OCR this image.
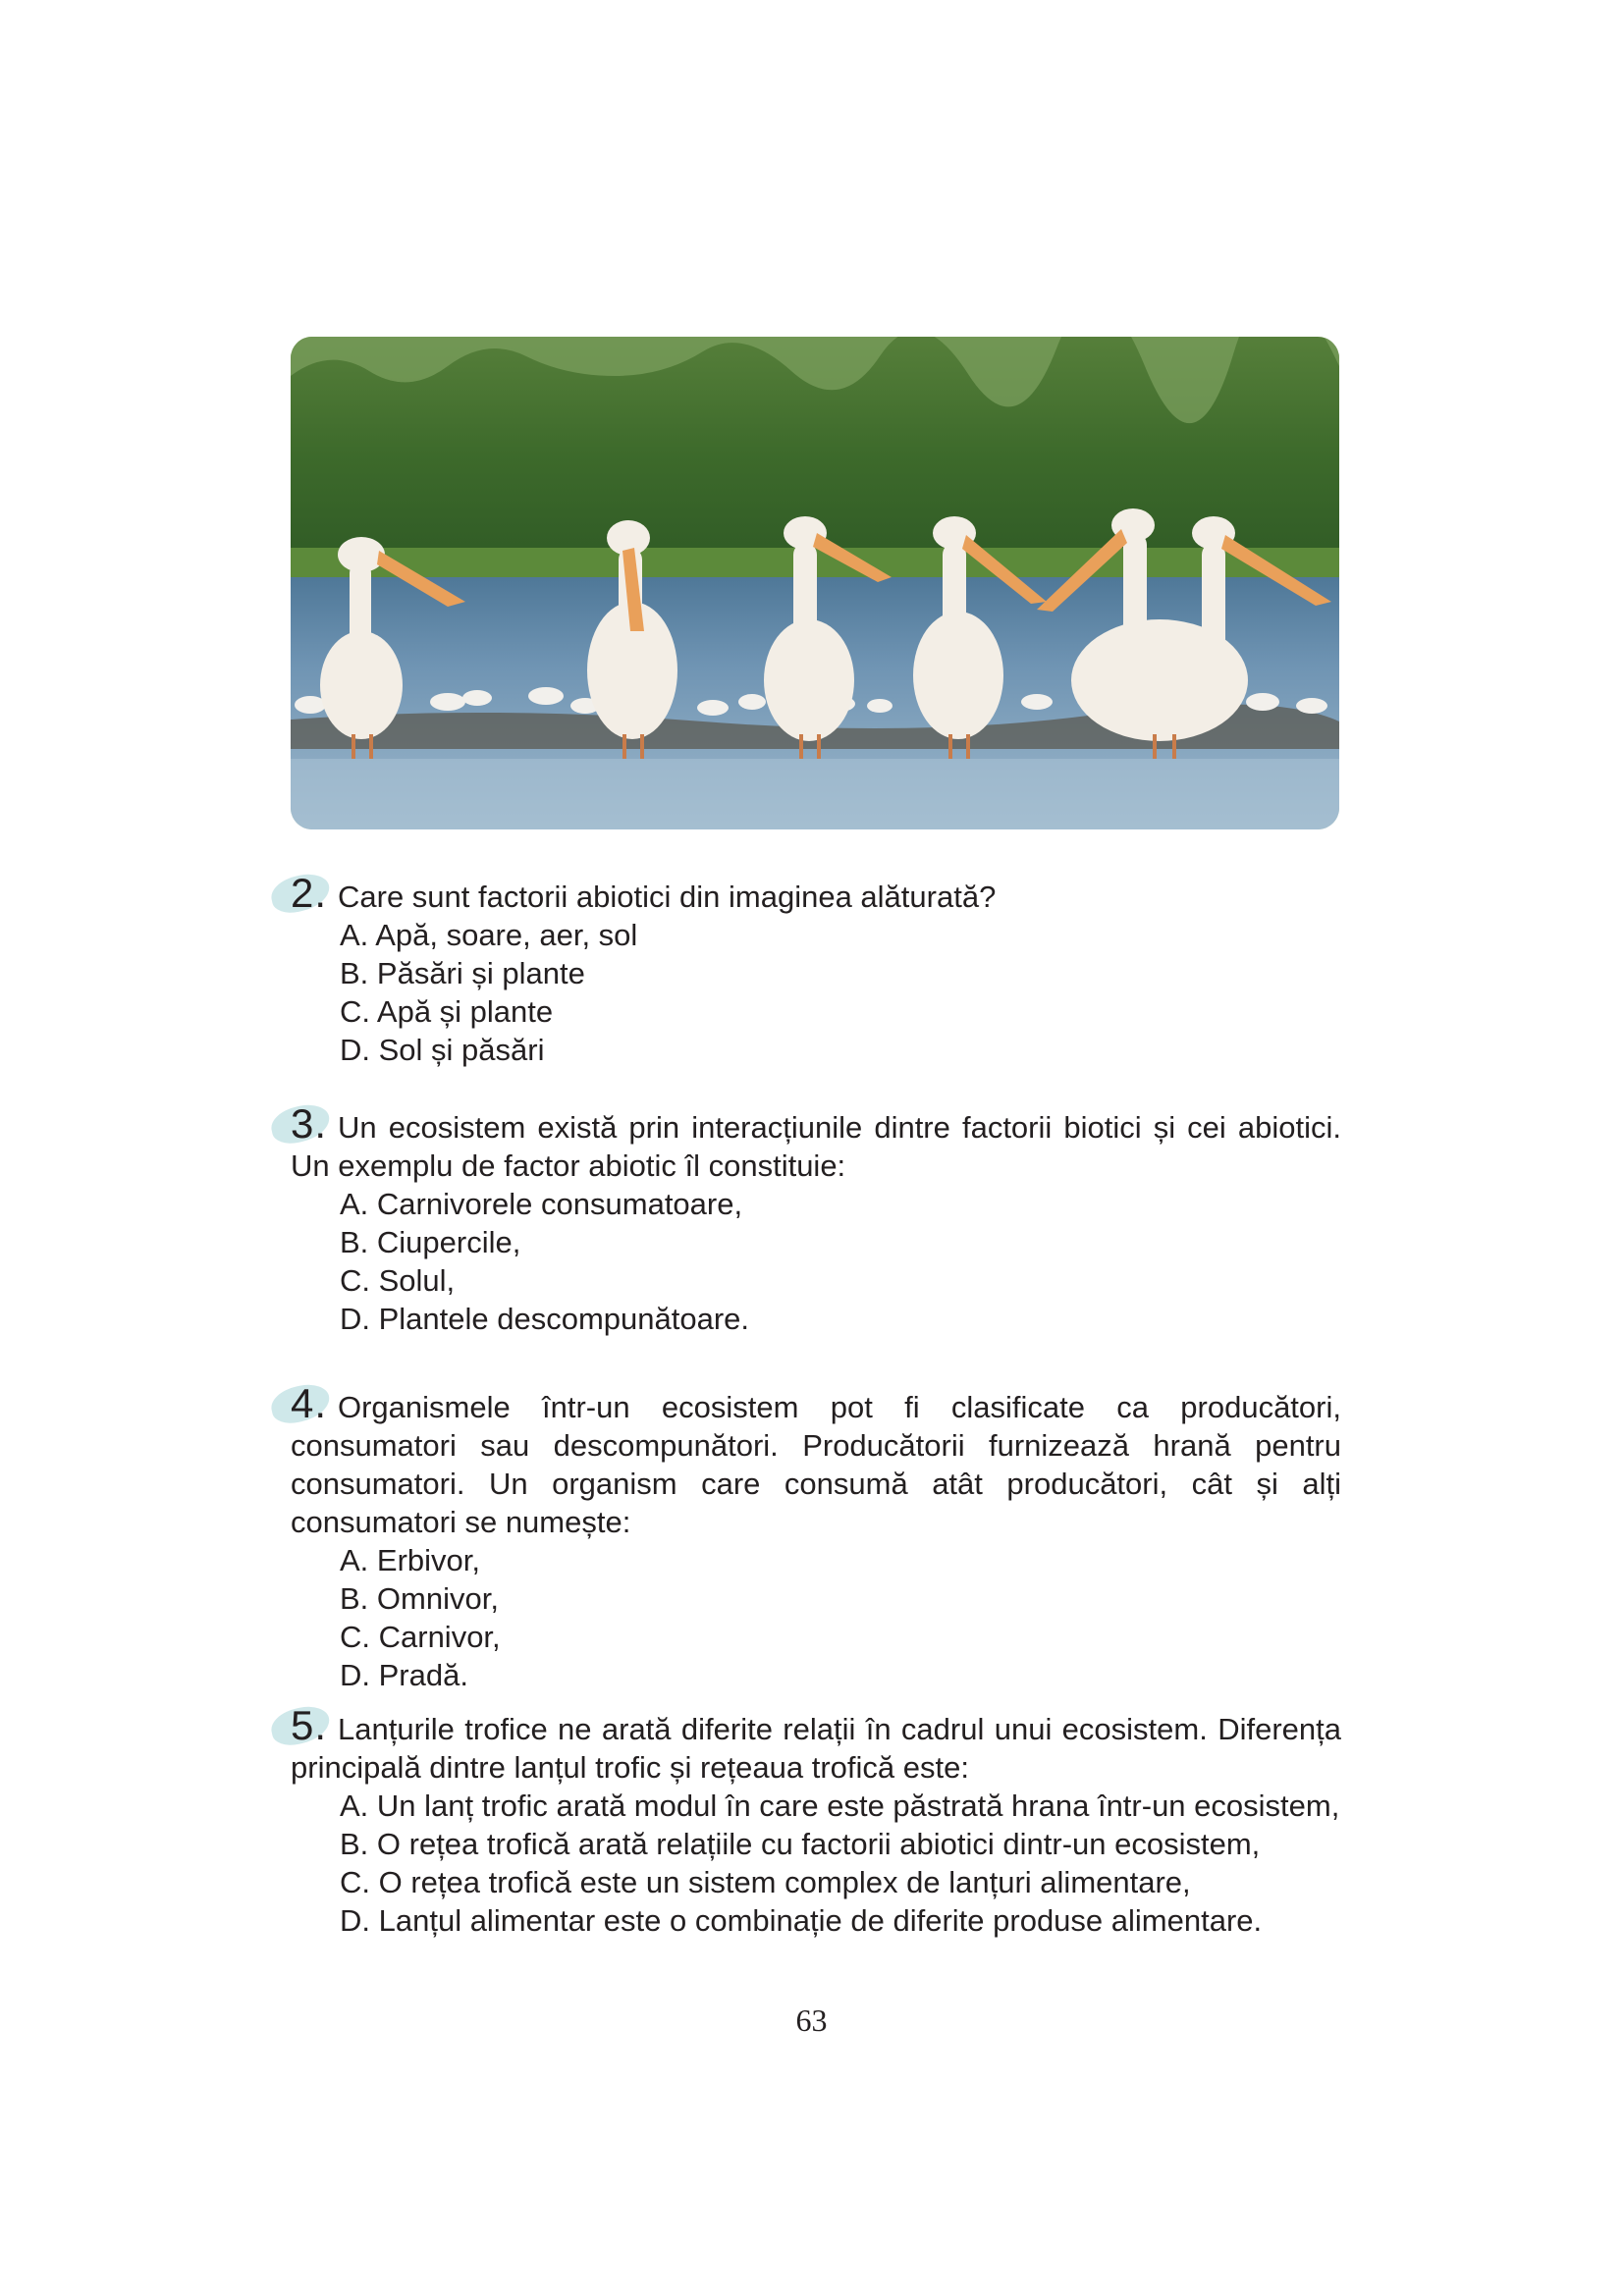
2. Care sunt factorii abiotici din imaginea alăturată?

A. Apă, soare, aer, sol
B. Păsări și plante
C. Apă și plante
D. Sol și păsări

3. Un ecosistem există prin interacțiunile dintre factorii biotici și cei abiotici. Un exemplu de factor abiotic îl constituie:

A. Carnivorele consumatoare,
B. Ciupercile,
C. Solul,
D. Plantele descompunătoare.

4. Organismele într-un ecosistem pot fi clasificate ca producători, consumatori sau descompunători. Producătorii furnizează hrană pentru consumatori. Un organism care consumă atât producători, cât și alți consumatori se numește:

A. Erbivor,
B. Omnivor,
C. Carnivor,
D. Pradă.

5. Lanțurile trofice ne arată diferite relații în cadrul unui ecosistem. Diferența principală dintre lanțul trofic și rețeaua trofică este:

A. Un lanț trofic arată modul în care este păstrată hrana într-un ecosistem,
B. O rețea trofică arată relațiile cu factorii abiotici dintr-un ecosistem,
C. O rețea trofică este un sistem complex de lanțuri alimentare,
D. Lanțul alimentar este o combinație de diferite produse alimentare.
63
